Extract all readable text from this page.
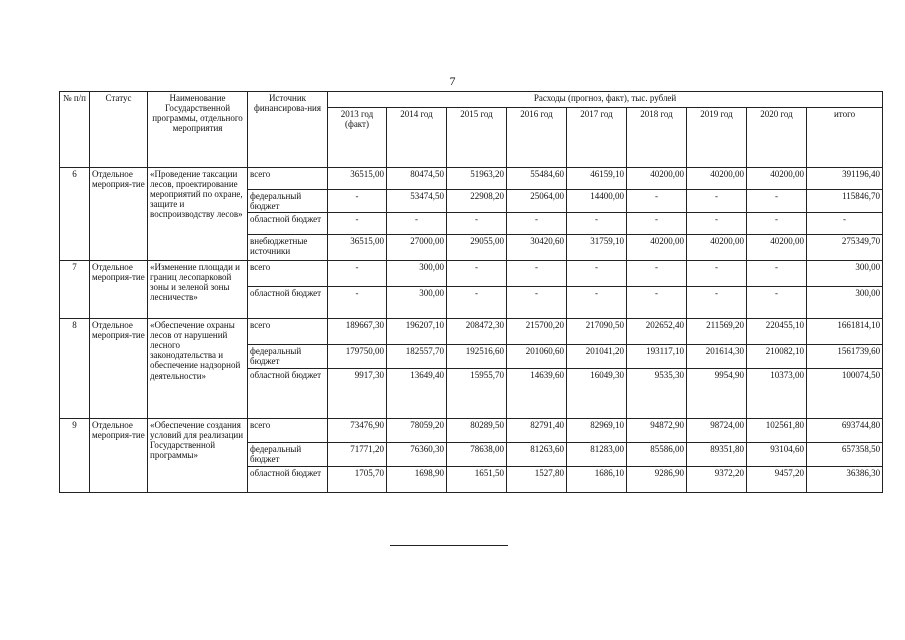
7
№ п/п	Статус	Наименование Государственной программы, отдельного мероприятия	Источник финансирова-ния	Расходы (прогноз, факт), тыс. рублей								
				2013 год (факт)	2014 год	2015 год	2016 год	2017 год	2018 год	2019 год	2020 год	итого
6	Отдельное мероприя-тие	«Проведение таксации лесов, проектирование мероприятий по охране, защите и воспроизводству лесов»	всего	36515,00	80474,50	51963,20	55484,60	46159,10	40200,00	40200,00	40200,00	391196,40
			федеральный бюджет	-	53474,50	22908,20	25064,00	14400,00	-	-	-	115846,70
			областной бюджет	-	-	-	-	-	-	-	-	-
			внебюджетные источники	36515,00	27000,00	29055,00	30420,60	31759,10	40200,00	40200,00	40200,00	275349,70
7	Отдельное мероприя-тие	«Изменение площади и границ лесопарковой зоны и зеленой зоны лесничеств»	всего	-	300,00	-	-	-	-	-	-	300,00
			областной бюджет	-	300,00	-	-	-	-	-	-	300,00
8	Отдельное мероприя-тие	«Обеспечение охраны лесов от нарушений лесного законодательства и обеспечение надзорной деятельности»	всего	189667,30	196207,10	208472,30	215700,20	217090,50	202652,40	211569,20	220455,10	1661814,10
			федеральный бюджет	179750,00	182557,70	192516,60	201060,60	201041,20	193117,10	201614,30	210082,10	1561739,60
			областной бюджет	9917,30	13649,40	15955,70	14639,60	16049,30	9535,30	9954,90	10373,00	100074,50
9	Отдельное мероприя-тие	«Обеспечение создания условий для реализации Государственной программы»	всего	73476,90	78059,20	80289,50	82791,40	82969,10	94872,90	98724,00	102561,80	693744,80
			федеральный бюджет	71771,20	76360,30	78638,00	81263,60	81283,00	85586,00	89351,80	93104,60	657358,50
			областной бюджет	1705,70	1698,90	1651,50	1527,80	1686,10	9286,90	9372,20	9457,20	36386,30
